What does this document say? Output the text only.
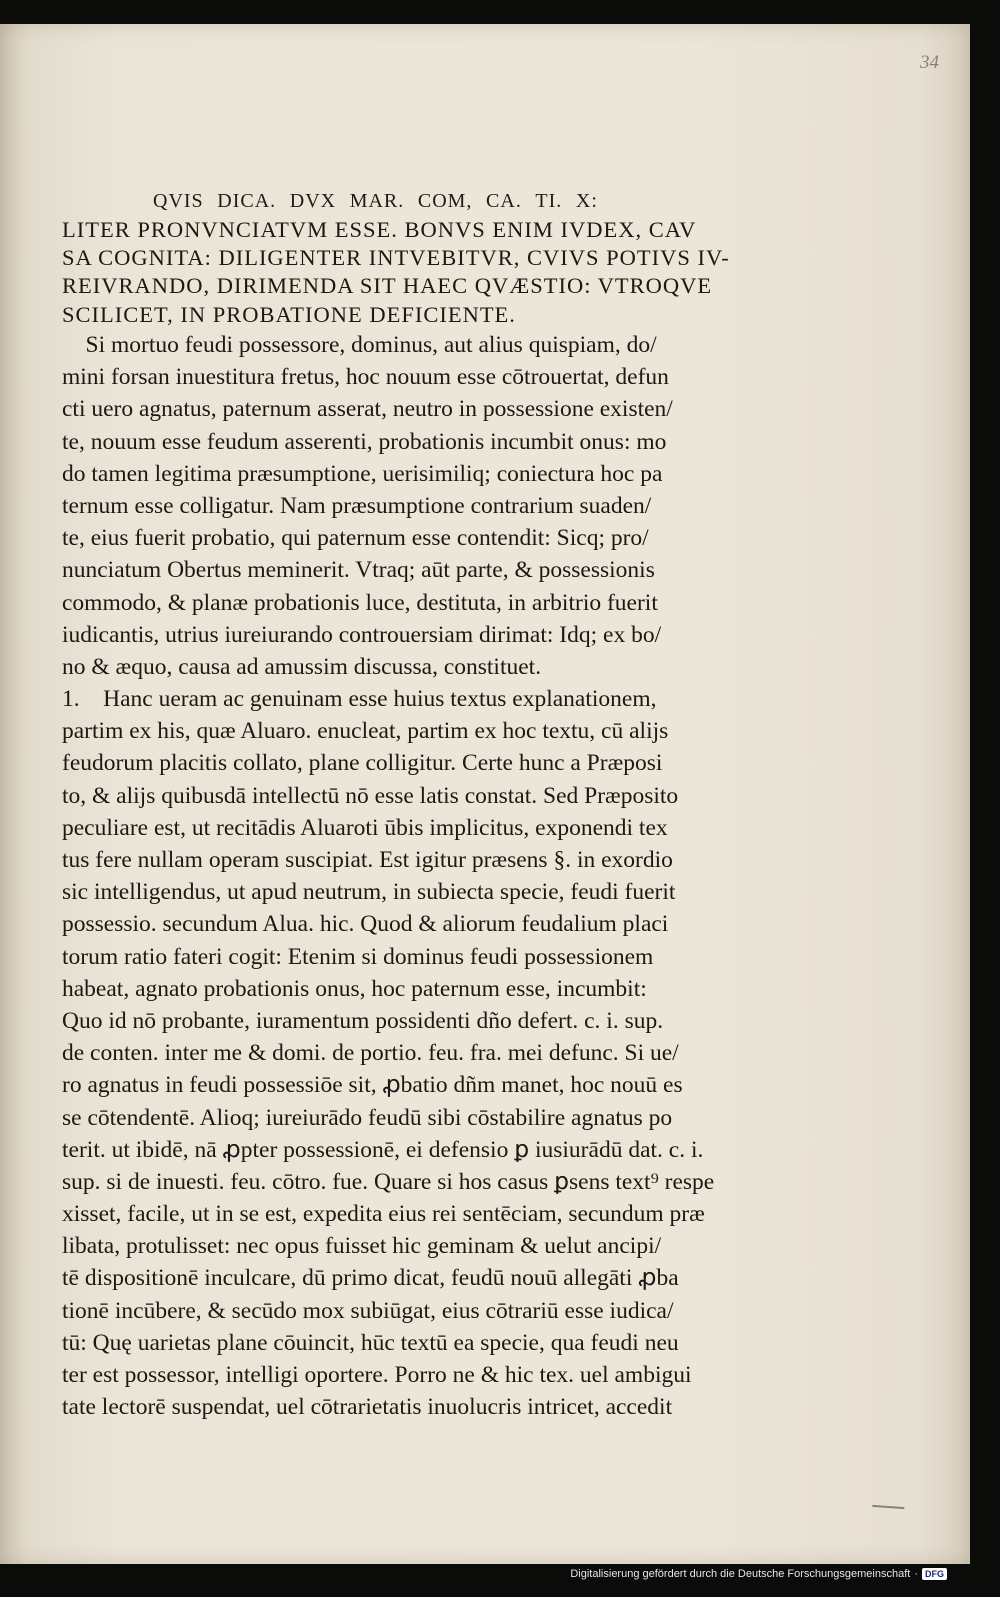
34
QVIS DICA. DVX MAR. COM, CA. TI. X:
LITER PRONVNCIATVM ESSE. BONVS ENIM IVDEX, CAV
SA COGNITA: DILIGENTER INTVEBITVR, CVIVS POTIVS IV-
REIVRANDO, DIRIMENDA SIT HAEC QVÆSTIO: VTROQVE
SCILICET, IN PROBATIONE DEFICIENTE.
Si mortuo feudi possessore, dominus, aut alius quispiam, do/
mini forsan inuestitura fretus, hoc nouum esse cōtrouertat, defun
cti uero agnatus, paternum asserat, neutro in possessione existen/
te, nouum esse feudum asserenti, probationis incumbit onus: mo
do tamen legitima præsumptione, uerisimiliq; coniectura hoc pa
ternum esse colligatur. Nam præsumptione contrarium suaden/
te, eius fuerit probatio, qui paternum esse contendit: Sicq; pro/
nunciatum Obertus meminerit. Vtraq; aūt parte, & possessionis
commodo, & planæ probationis luce, destituta, in arbitrio fuerit
iudicantis, utrius iureiurando controuersiam dirimat: Idq; ex bo/
no & æquo, causa ad amussim discussa, constituet.
1.    Hanc ueram ac genuinam esse huius textus explanationem,
partim ex his, quæ Aluaro. enucleat, partim ex hoc textu, cū alijs
feudorum placitis collato, plane colligitur. Certe hunc a Præposi
to, & alijs quibusdā intellectū nō esse latis constat. Sed Præposito
peculiare est, ut recitādis Aluaroti ūbis implicitus, exponendi tex
tus fere nullam operam suscipiat. Est igitur præsens §. in exordio
sic intelligendus, ut apud neutrum, in subiecta specie, feudi fuerit
possessio. secundum Alua. hic. Quod & aliorum feudalium placi
torum ratio fateri cogit: Etenim si dominus feudi possessionem
habeat, agnato probationis onus, hoc paternum esse, incumbit:
Quo id nō probante, iuramentum possidenti dño defert. c. i. sup.
de conten. inter me & domi. de portio. feu. fra. mei defunc. Si ue/
ro agnatus in feudi possessiōe sit, ꝓbatio dñm manet, hoc nouū es
se cōtendentē. Alioq; iureiurādo feudū sibi cōstabilire agnatus po
terit. ut ibidē, nā ꝓpter possessionē, ei defensio ꝑ iusiurādū dat. c. i.
sup. si de inuesti. feu. cōtro. fue. Quare si hos casus ꝑsens text⁹ respe
xisset, facile, ut in se est, expedita eius rei sentēciam, secundum præ
libata, protulisset: nec opus fuisset hic geminam & uelut ancipi/
tē dispositionē inculcare, dū primo dicat, feudū nouū allegāti ꝓba
tionē incūbere, & secūdo mox subiūgat, eius cōtrariū esse iudica/
tū: Quę uarietas plane cōuincit, hūc textū ea specie, qua feudi neu
ter est possessor, intelligi oportere. Porro ne & hic tex. uel ambigui
tate lectorē suspendat, uel cōtrarietatis inuolucris intricet, accedit
Digitalisierung gefördert durch die Deutsche Forschungsgemeinschaft · DFG
